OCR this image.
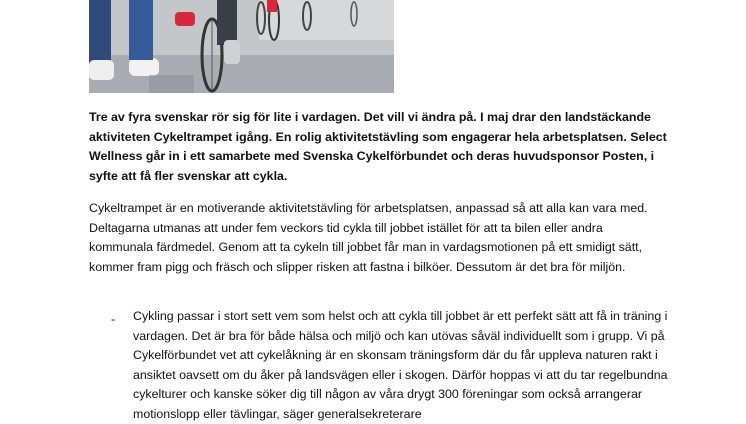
Tre av fyra svenskar rör sig för lite i vardagen. Det vill vi ändra på. I maj drar den landstäckande aktiviteten Cykeltrampet igång. En rolig aktivitetstävling som engagerar hela arbetsplatsen. Select Wellness går in i ett samarbete med Svenska Cykelförbundet och deras huvudsponsor Posten, i syfte att få fler svenskar att cykla.

Cykeltrampet är en motiverande aktivitetstävling för arbetsplatsen, anpassad så att alla kan vara med. Deltagarna utmanas att under fem veckors tid cykla till jobbet istället för att ta bilen eller andra kommunala färdmedel. Genom att ta cykeln till jobbet får man in vardagsmotionen på ett smidigt sätt, kommer fram pigg och fräsch och slipper risken att fastna i bilköer. Dessutom är det bra för miljön.

- Cykling passar i stort sett vem som helst och att cykla till jobbet är ett perfekt sätt att få in träning i vardagen. Det är bra för både hälsa och miljö och kan utövas såväl individuellt som i grupp. Vi på Cykelförbundet vet att cykelåkning är en skonsam träningsform där du får uppleva naturen rakt i ansiktet oavsett om du åker på landsvägen eller i skogen. Därför hoppas vi att du tar regelbundna cykelturer och kanske söker dig till någon av våra drygt 300 föreningar som också arrangerar motionslopp eller tävlingar, säger generalsekreterare
